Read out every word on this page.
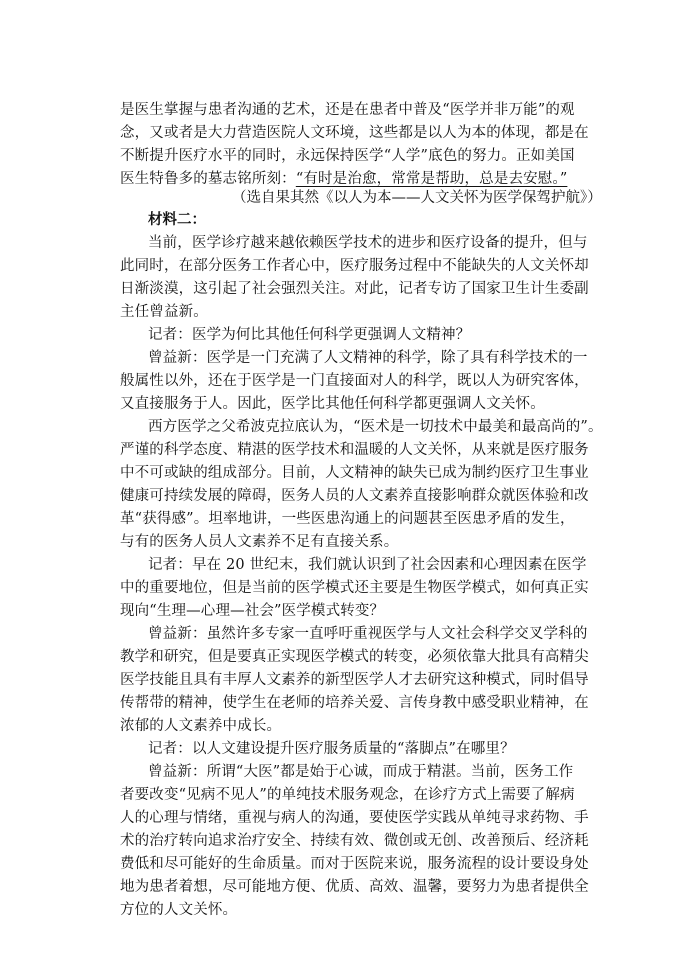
是医生掌握与患者沟通的艺术，还是在患者中普及“医学并非万能”的观
念，又或者是大力营造医院人文环境，这些都是以人为本的体现，都是在
不断提升医疗水平的同时，永远保持医学“人学”底色的努力。正如美国
医生特鲁多的墓志铭所刻：“有时是治愈，常常是帮助，总是去安慰。”
（选自果其然《以人为本——人文关怀为医学保驾护航》）
材料二：
当前，医学诊疗越来越依赖医学技术的进步和医疗设备的提升，但与
此同时，在部分医务工作者心中，医疗服务过程中不能缺失的人文关怀却
日渐淡漠，这引起了社会强烈关注。对此，记者专访了国家卫生计生委副
主任曾益新。
记者：医学为何比其他任何科学更强调人文精神？
曾益新：医学是一门充满了人文精神的科学，除了具有科学技术的一
般属性以外，还在于医学是一门直接面对人的科学，既以人为研究客体，
又直接服务于人。因此，医学比其他任何科学都更强调人文关怀。
西方医学之父希波克拉底认为，“医术是一切技术中最美和最高尚的”。
严谨的科学态度、精湛的医学技术和温暖的人文关怀，从来就是医疗服务
中不可或缺的组成部分。目前，人文精神的缺失已成为制约医疗卫生事业
健康可持续发展的障碍，医务人员的人文素养直接影响群众就医体验和改
革“获得感”。坦率地讲，一些医患沟通上的问题甚至医患矛盾的发生，
与有的医务人员人文素养不足有直接关系。
记者：早在 20 世纪末，我们就认识到了社会因素和心理因素在医学
中的重要地位，但是当前的医学模式还主要是生物医学模式，如何真正实
现向“生理—心理—社会”医学模式转变？
曾益新：虽然许多专家一直呼吁重视医学与人文社会科学交叉学科的
教学和研究，但是要真正实现医学模式的转变，必须依靠大批具有高精尖
医学技能且具有丰厚人文素养的新型医学人才去研究这种模式，同时倡导
传帮带的精神，使学生在老师的培养关爱、言传身教中感受职业精神，在
浓郁的人文素养中成长。
记者：以人文建设提升医疗服务质量的“落脚点”在哪里？
曾益新：所谓“大医”都是始于心诚，而成于精湛。当前，医务工作
者要改变“见病不见人”的单纯技术服务观念，在诊疗方式上需要了解病
人的心理与情绪，重视与病人的沟通，要使医学实践从单纯寻求药物、手
术的治疗转向追求治疗安全、持续有效、微创或无创、改善预后、经济耗
费低和尽可能好的生命质量。而对于医院来说，服务流程的设计要设身处
地为患者着想，尽可能地方便、优质、高效、温馨，要努力为患者提供全
方位的人文关怀。
